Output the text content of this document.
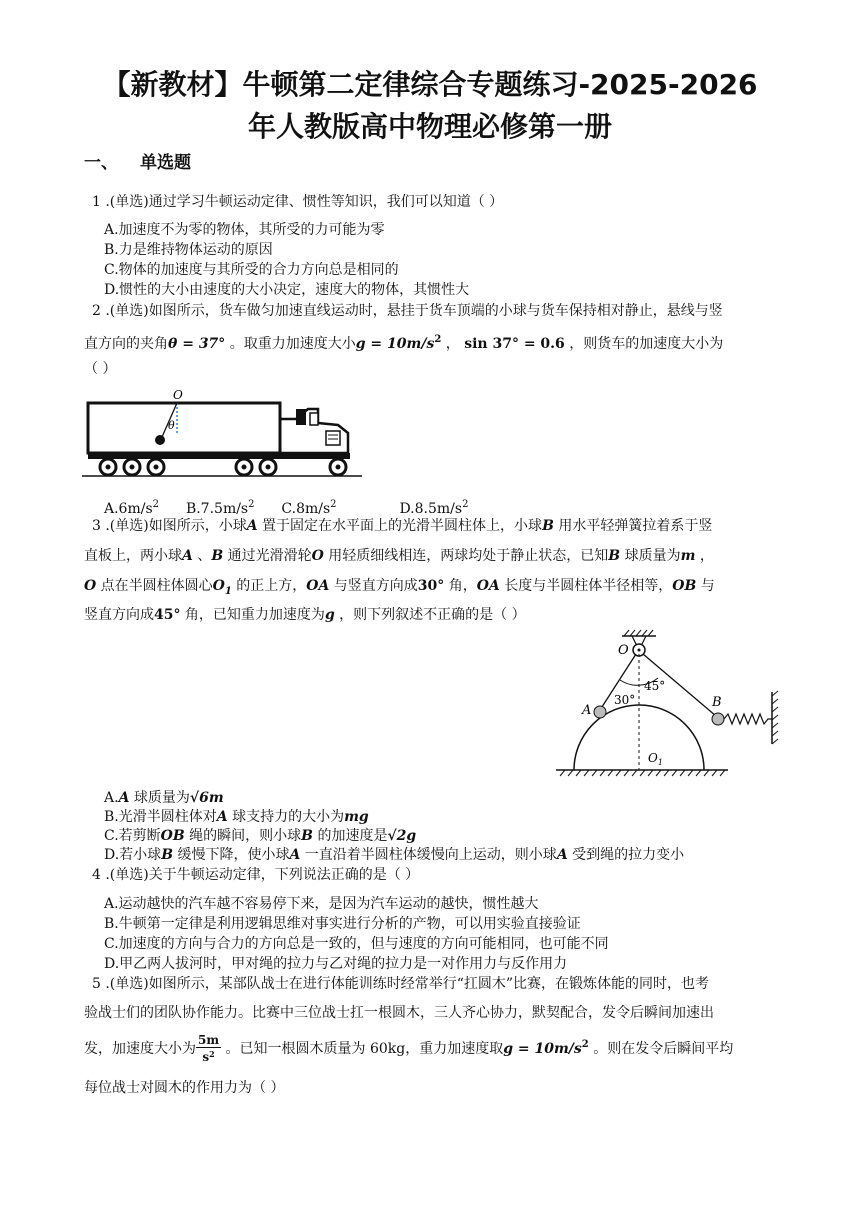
【新教材】牛顿第二定律综合专题练习-2025-2026
年人教版高中物理必修第一册
一、 单选题
1 .(单选)通过学习牛顿运动定律、惯性等知识，我们可以知道（ ）
A.加速度不为零的物体，其所受的力可能为零
B.力是维持物体运动的原因
C.物体的加速度与其所受的合力方向总是相同的
D.惯性的大小由速度的大小决定，速度大的物体，其惯性大
2 .(单选)如图所示，货车做匀加速直线运动时，悬挂于货车顶端的小球与货车保持相对静止，悬线与竖
直方向的夹角θ = 37° 。取重力加速度大小$g = 10m/s^2$ ， sin 37° = 0.6 ，则货车的加速度大小为
（ ）
O
θ
$A.6m/s^2$ $B.7.5m/s^2$ $C.8m/s^2$	$D.8.5m/s^2$
3 .(单选)如图所示，小球A 置于固定在水平面上的光滑半圆柱体上，小球B 用水平轻弹簧拉着系于竖
直板上，两小球A 、B 通过光滑滑轮O 用轻质细线相连，两球均处于静止状态，已知B 球质量为m ，
O 点在半圆柱体圆心$O_1$ 的正上方，OA 与竖直方向成30° 角，OA 长度与半圆柱体半径相等，OB 与
竖直方向成45° 角，已知重力加速度为g ，则下列叙述不正确的是（ ）
O
A
B
30°
45°
$O_1$
A.A 球质量为√6m
B.光滑半圆柱体对A 球支持力的大小为mg
C.若剪断OB 绳的瞬间，则小球B 的加速度是√2g
D.若小球B 缓慢下降，使小球A 一直沿着半圆柱体缓慢向上运动，则小球A 受到绳的拉力变小
4 .(单选)关于牛顿运动定律，下列说法正确的是（ ）
A.运动越快的汽车越不容易停下来，是因为汽车运动的越快，惯性越大
B.牛顿第一定律是利用逻辑思维对事实进行分析的产物，可以用实验直接验证
C.加速度的方向与合力的方向总是一致的，但与速度的方向可能相同，也可能不同
D.甲乙两人拔河时，甲对绳的拉力与乙对绳的拉力是一对作用力与反作用力
5 .(单选)如图所示，某部队战士在进行体能训练时经常举行“扛圆木”比赛，在锻炼体能的同时，也考
验战士们的团队协作能力。比赛中三位战士扛一根圆木，三人齐心协力，默契配合，发令后瞬间加速出
发，加速度大小为 $\frac{5m}{s^2}$ 。已知一根圆木质量为 60kg，重力加速度取$g = 10m/s^2$ 。则在发令后瞬间平均
每位战士对圆木的作用力为（ ）
